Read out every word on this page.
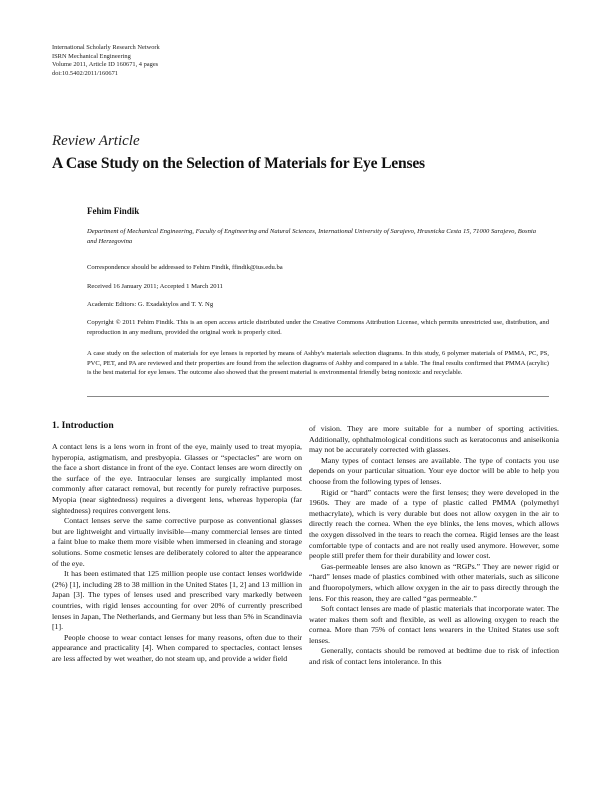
International Scholarly Research Network
ISRN Mechanical Engineering
Volume 2011, Article ID 160671, 4 pages
doi:10.5402/2011/160671
Review Article
A Case Study on the Selection of Materials for Eye Lenses
Fehim Findik
Department of Mechanical Engineering, Faculty of Engineering and Natural Sciences, International University of Sarajevo, Hrasnicka Cesta 15, 71000 Sarajevo, Bosnia and Herzegovina
Correspondence should be addressed to Fehim Findik, ffindik@ius.edu.ba
Received 16 January 2011; Accepted 1 March 2011
Academic Editors: G. Exadaktylos and T. Y. Ng
Copyright © 2011 Fehim Findik. This is an open access article distributed under the Creative Commons Attribution License, which permits unrestricted use, distribution, and reproduction in any medium, provided the original work is properly cited.
A case study on the selection of materials for eye lenses is reported by means of Ashby's materials selection diagrams. In this study, 6 polymer materials of PMMA, PC, PS, PVC, PET, and PA are reviewed and their properties are found from the selection diagrams of Ashby and compared in a table. The final results confirmed that PMMA (acrylic) is the best material for eye lenses. The outcome also showed that the present material is environmental friendly being nontoxic and recyclable.
1. Introduction

A contact lens is a lens worn in front of the eye, mainly used to treat myopia, hyperopia, astigmatism, and presbyopia. Glasses or “spectacles” are worn on the face a short distance in front of the eye. Contact lenses are worn directly on the surface of the eye. Intraocular lenses are surgically implanted most commonly after cataract removal, but recently for purely refractive purposes. Myopia (near sightedness) requires a divergent lens, whereas hyperopia (far sightedness) requires convergent lens.

Contact lenses serve the same corrective purpose as conventional glasses but are lightweight and virtually invisible—many commercial lenses are tinted a faint blue to make them more visible when immersed in cleaning and storage solutions. Some cosmetic lenses are deliberately colored to alter the appearance of the eye.

It has been estimated that 125 million people use contact lenses worldwide (2%) [1], including 28 to 38 million in the United States [1, 2] and 13 million in Japan [3]. The types of lenses used and prescribed vary markedly between countries, with rigid lenses accounting for over 20% of currently prescribed lenses in Japan, The Netherlands, and Germany but less than 5% in Scandinavia [1].

People choose to wear contact lenses for many reasons, often due to their appearance and practicality [4]. When compared to spectacles, contact lenses are less affected by wet weather, do not steam up, and provide a wider field

of vision. They are more suitable for a number of sporting activities. Additionally, ophthalmological conditions such as keratoconus and aniseikonia may not be accurately corrected with glasses.

Many types of contact lenses are available. The type of contacts you use depends on your particular situation. Your eye doctor will be able to help you choose from the following types of lenses.

Rigid or “hard” contacts were the first lenses; they were developed in the 1960s. They are made of a type of plastic called PMMA (polymethyl methacrylate), which is very durable but does not allow oxygen in the air to directly reach the cornea. When the eye blinks, the lens moves, which allows the oxygen dissolved in the tears to reach the cornea. Rigid lenses are the least comfortable type of contacts and are not really used anymore. However, some people still prefer them for their durability and lower cost.

Gas-permeable lenses are also known as “RGPs.” They are newer rigid or “hard” lenses made of plastics combined with other materials, such as silicone and fluoropolymers, which allow oxygen in the air to pass directly through the lens. For this reason, they are called “gas permeable.”

Soft contact lenses are made of plastic materials that incorporate water. The water makes them soft and flexible, as well as allowing oxygen to reach the cornea. More than 75% of contact lens wearers in the United States use soft lenses.

Generally, contacts should be removed at bedtime due to risk of infection and risk of contact lens intolerance. In this
